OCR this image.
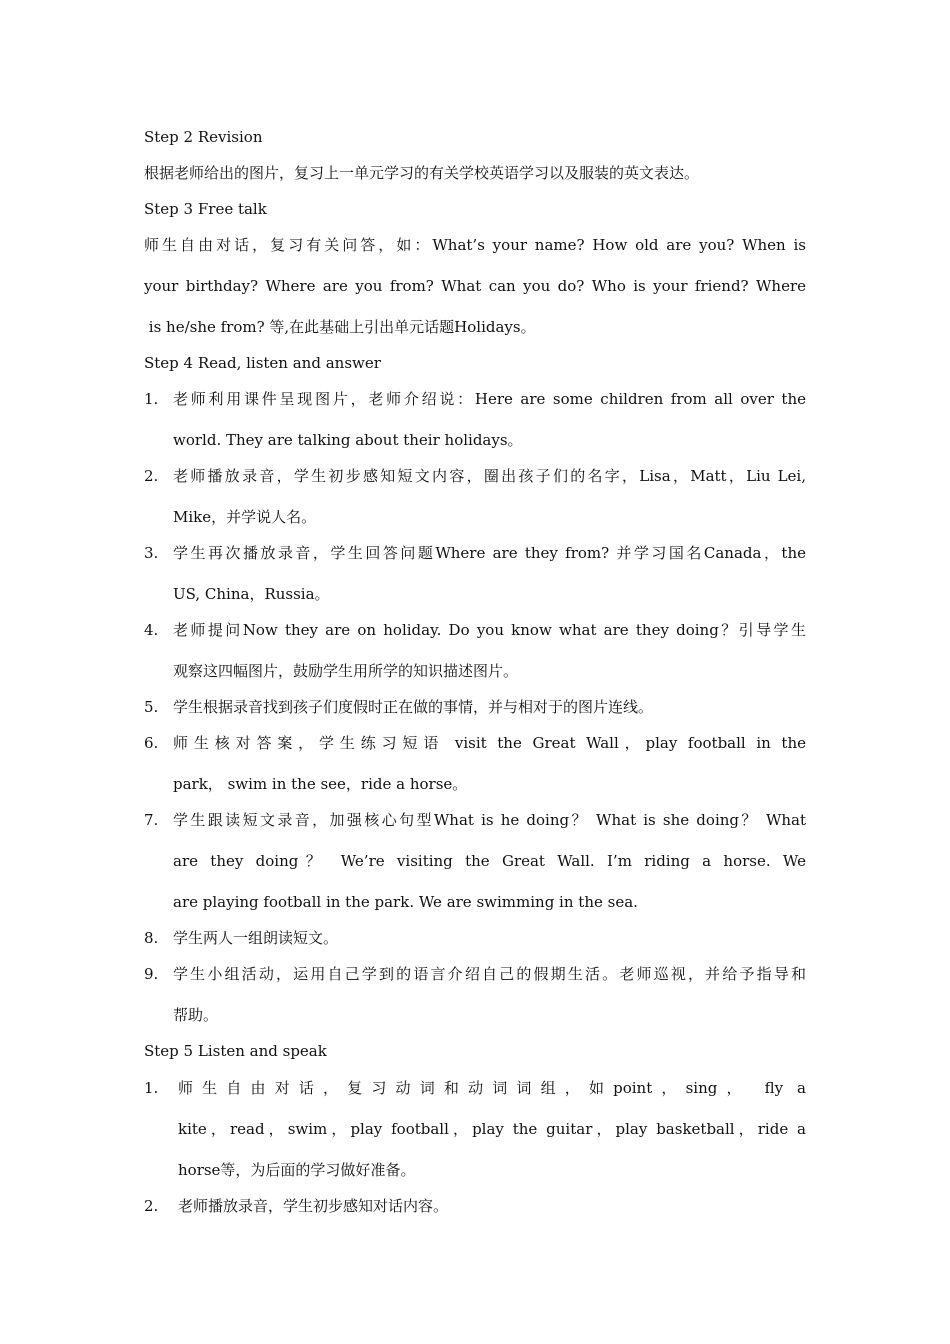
Step 2 Revision
根据老师给出的图片，复习上一单元学习的有关学校英语学习以及服装的英文表达。
Step 3 Free talk
师生自由对话，复习有关问答，如：What’s your name? How old are you? When is
your birthday? Where are you from? What can you do? Who is your friend? Where
is he/she from? 等,在此基础上引出单元话题Holidays。
Step 4 Read, listen and answer
1. 老师利用课件呈现图片，老师介绍说：Here are some children from all over the
world. They are talking about their holidays。
2. 老师播放录音，学生初步感知短文内容，圈出孩子们的名字，Lisa，Matt，Liu Lei,
Mike，并学说人名。
3. 学生再次播放录音，学生回答问题Where are they from? 并学习国名Canada，the
US, China，Russia。
4. 老师提问Now they are on holiday. Do you know what are they doing？引导学生
观察这四幅图片，鼓励学生用所学的知识描述图片。
5. 学生根据录音找到孩子们度假时正在做的事情，并与相对于的图片连线。
6. 师生核对答案，学生练习短语 visit the Great Wall，play football in the
park， swim in the see，ride a horse。
7. 学生跟读短文录音，加强核心句型What is he doing？ What is she doing？ What
are they doing？ We’re visiting the Great Wall. I’m riding a horse. We
are playing football in the park. We are swimming in the sea.
8. 学生两人一组朗读短文。
9. 学生小组活动，运用自己学到的语言介绍自己的假期生活。老师巡视，并给予指导和
帮助。
Step 5 Listen and speak
1. 师生自由对话，复习动词和动词词组，如point，sing， fly a
kite，read，swim，play football，play the guitar，play basketball，ride a
horse等，为后面的学习做好准备。
2. 老师播放录音，学生初步感知对话内容。
